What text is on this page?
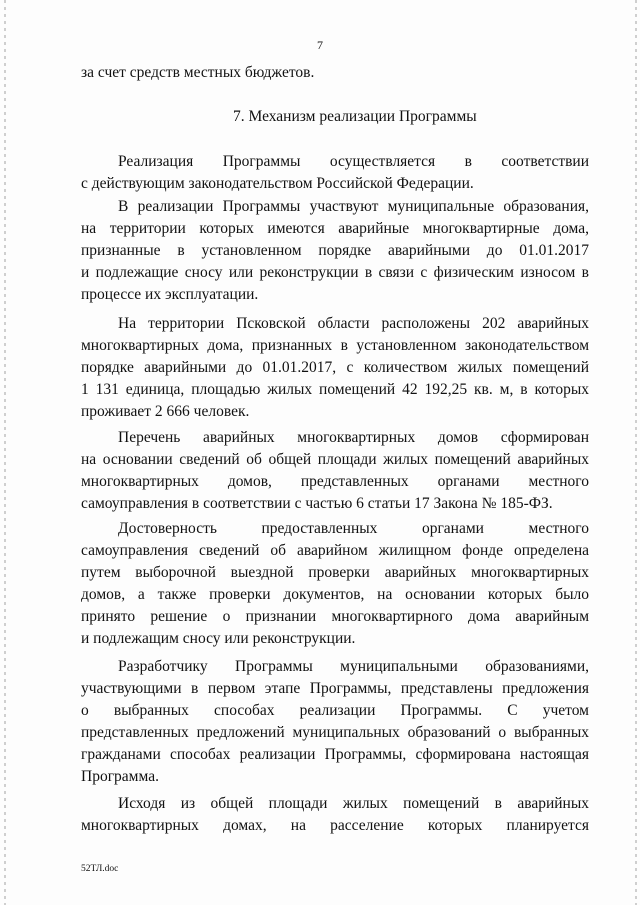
7
за счет средств местных бюджетов.
7. Механизм реализации Программы
Реализация Программы осуществляется в соответствии
с действующим законодательством Российской Федерации.
В реализации Программы участвуют муниципальные образования,
на территории которых имеются аварийные многоквартирные дома,
признанные в установленном порядке аварийными до 01.01.2017
и подлежащие сносу или реконструкции в связи с физическим износом в
процессе их эксплуатации.
На территории Псковской области расположены 202 аварийных
многоквартирных дома, признанных в установленном законодательством
порядке аварийными до 01.01.2017, с количеством жилых помещений
1 131 единица, площадью жилых помещений 42 192,25 кв. м, в которых
проживает 2 666 человек.
Перечень аварийных многоквартирных домов сформирован
на основании сведений об общей площади жилых помещений аварийных
многоквартирных домов, представленных органами местного
самоуправления в соответствии с частью 6 статьи 17 Закона № 185-ФЗ.
Достоверность предоставленных органами местного
самоуправления сведений об аварийном жилищном фонде определена
путем выборочной выездной проверки аварийных многоквартирных
домов, а также проверки документов, на основании которых было
принято решение о признании многоквартирного дома аварийным
и подлежащим сносу или реконструкции.
Разработчику Программы муниципальными образованиями,
участвующими в первом этапе Программы, представлены предложения
о выбранных способах реализации Программы. С учетом
представленных предложений муниципальных образований о выбранных
гражданами способах реализации Программы, сформирована настоящая
Программа.
Исходя из общей площади жилых помещений в аварийных
многоквартирных домах, на расселение которых планируется
52ТЛ.doc
